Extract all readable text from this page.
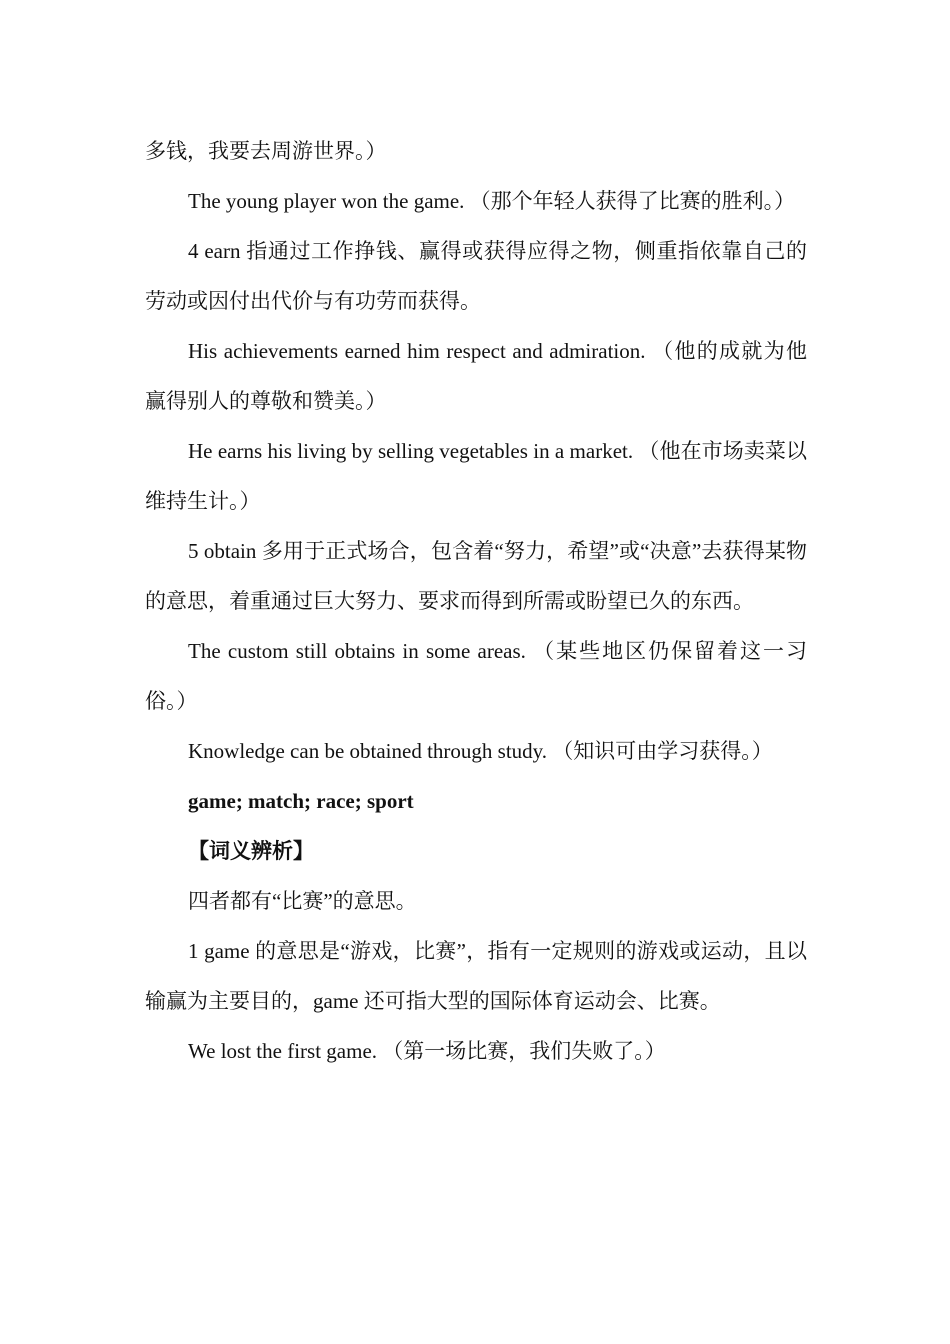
多钱，我要去周游世界。）

The young player won the game. （那个年轻人获得了比赛的胜利。）

4 earn 指通过工作挣钱、赢得或获得应得之物，侧重指依靠自己的劳动或因付出代价与有功劳而获得。

His achievements earned him respect and admiration. （他的成就为他赢得别人的尊敬和赞美。）

He earns his living by selling vegetables in a market. （他在市场卖菜以维持生计。）

5 obtain 多用于正式场合，包含着“努力，希望”或“决意”去获得某物的意思，着重通过巨大努力、要求而得到所需或盼望已久的东西。

The custom still obtains in some areas. （某些地区仍保留着这一习俗。）

Knowledge can be obtained through study. （知识可由学习获得。）

game; match; race; sport

【词义辨析】

四者都有“比赛”的意思。

1 game 的意思是“游戏，比赛”，指有一定规则的游戏或运动，且以输赢为主要目的，game 还可指大型的国际体育运动会、比赛。

We lost the first game. （第一场比赛，我们失败了。）
